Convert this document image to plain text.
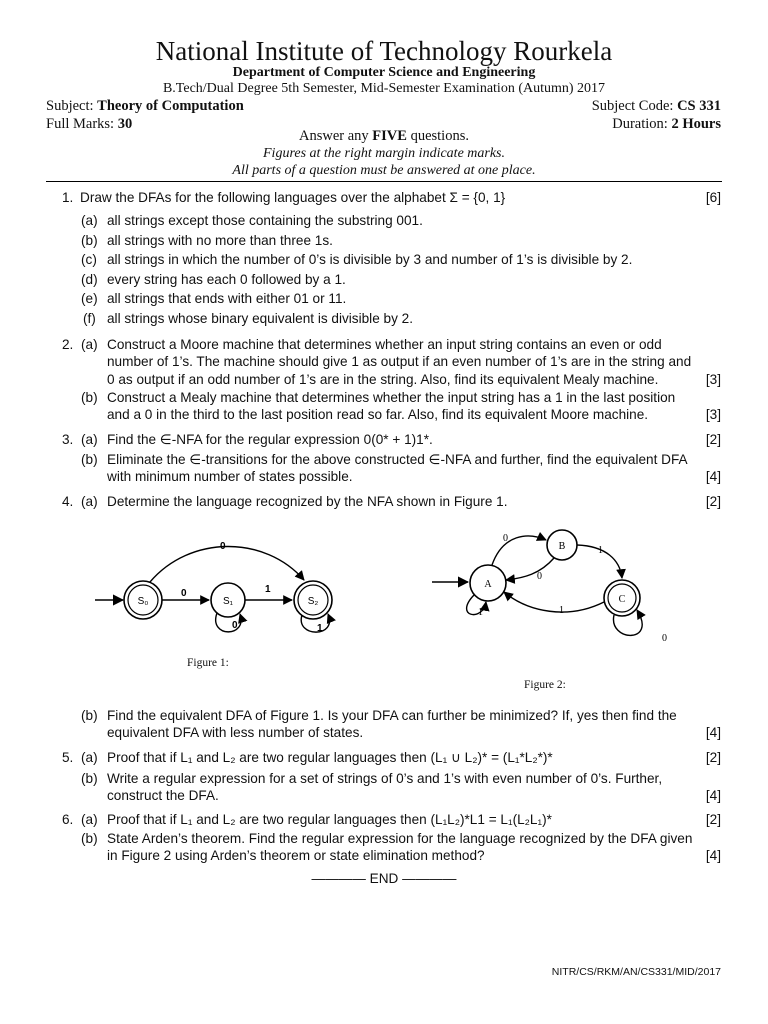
National Institute of Technology Rourkela
Department of Computer Science and Engineering
B.Tech/Dual Degree 5th Semester, Mid-Semester Examination (Autumn) 2017
Subject: Theory of Computation	Subject Code: CS 331
Full Marks: 30	Duration: 2 Hours
Answer any FIVE questions.
Figures at the right margin indicate marks.
All parts of a question must be answered at one place.
1. Draw the DFAs for the following languages over the alphabet Σ = {0, 1}	[6]
(a) all strings except those containing the substring 001.
(b) all strings with no more than three 1s.
(c) all strings in which the number of 0’s is divisible by 3 and number of 1’s is divisible by 2.
(d) every string has each 0 followed by a 1.
(e) all strings that ends with either 01 or 11.
(f) all strings whose binary equivalent is divisible by 2.
2. (a) Construct a Moore machine that determines whether an input string contains an even or odd
number of 1’s. The machine should give 1 as output if an even number of 1’s are in the string and
0 as output if an odd number of 1’s are in the string. Also, find its equivalent Mealy machine.	[3]
(b) Construct a Mealy machine that determines whether the input string has a 1 in the last position
and a 0 in the third to the last position read so far. Also, find its equivalent Moore machine.	[3]
3. (a) Find the ∈-NFA for the regular expression 0(0* + 1)1*.	[2]
(b) Eliminate the ∈-transitions for the above constructed ∈-NFA and further, find the equivalent DFA
with minimum number of states possible.	[4]
4. (a) Determine the language recognized by the NFA shown in Figure 1.	[2]
S₀	S₁	S₂
0	1
0
0	1
Figure 1:
A
B
C
0
0
1
1
1
0
Figure 2:
(b) Find the equivalent DFA of Figure 1. Is your DFA can further be minimized? If, yes then find the
equivalent DFA with less number of states.	[4]
5. (a) Proof that if L₁ and L₂ are two regular languages then (L₁ ∪ L₂)* = (L₁*L₂*)*	[2]
(b) Write a regular expression for a set of strings of 0’s and 1’s with even number of 0’s. Further,
construct the DFA.	[4]
6. (a) Proof that if L₁ and L₂ are two regular languages then (L₁L₂)*L1 = L₁(L₂L₁)*	[2]
(b) State Arden’s theorem. Find the regular expression for the language recognized by the DFA given
in Figure 2 using Arden’s theorem or state elimination method?	[4]
———— END ————
NITR/CS/RKM/AN/CS331/MID/2017
